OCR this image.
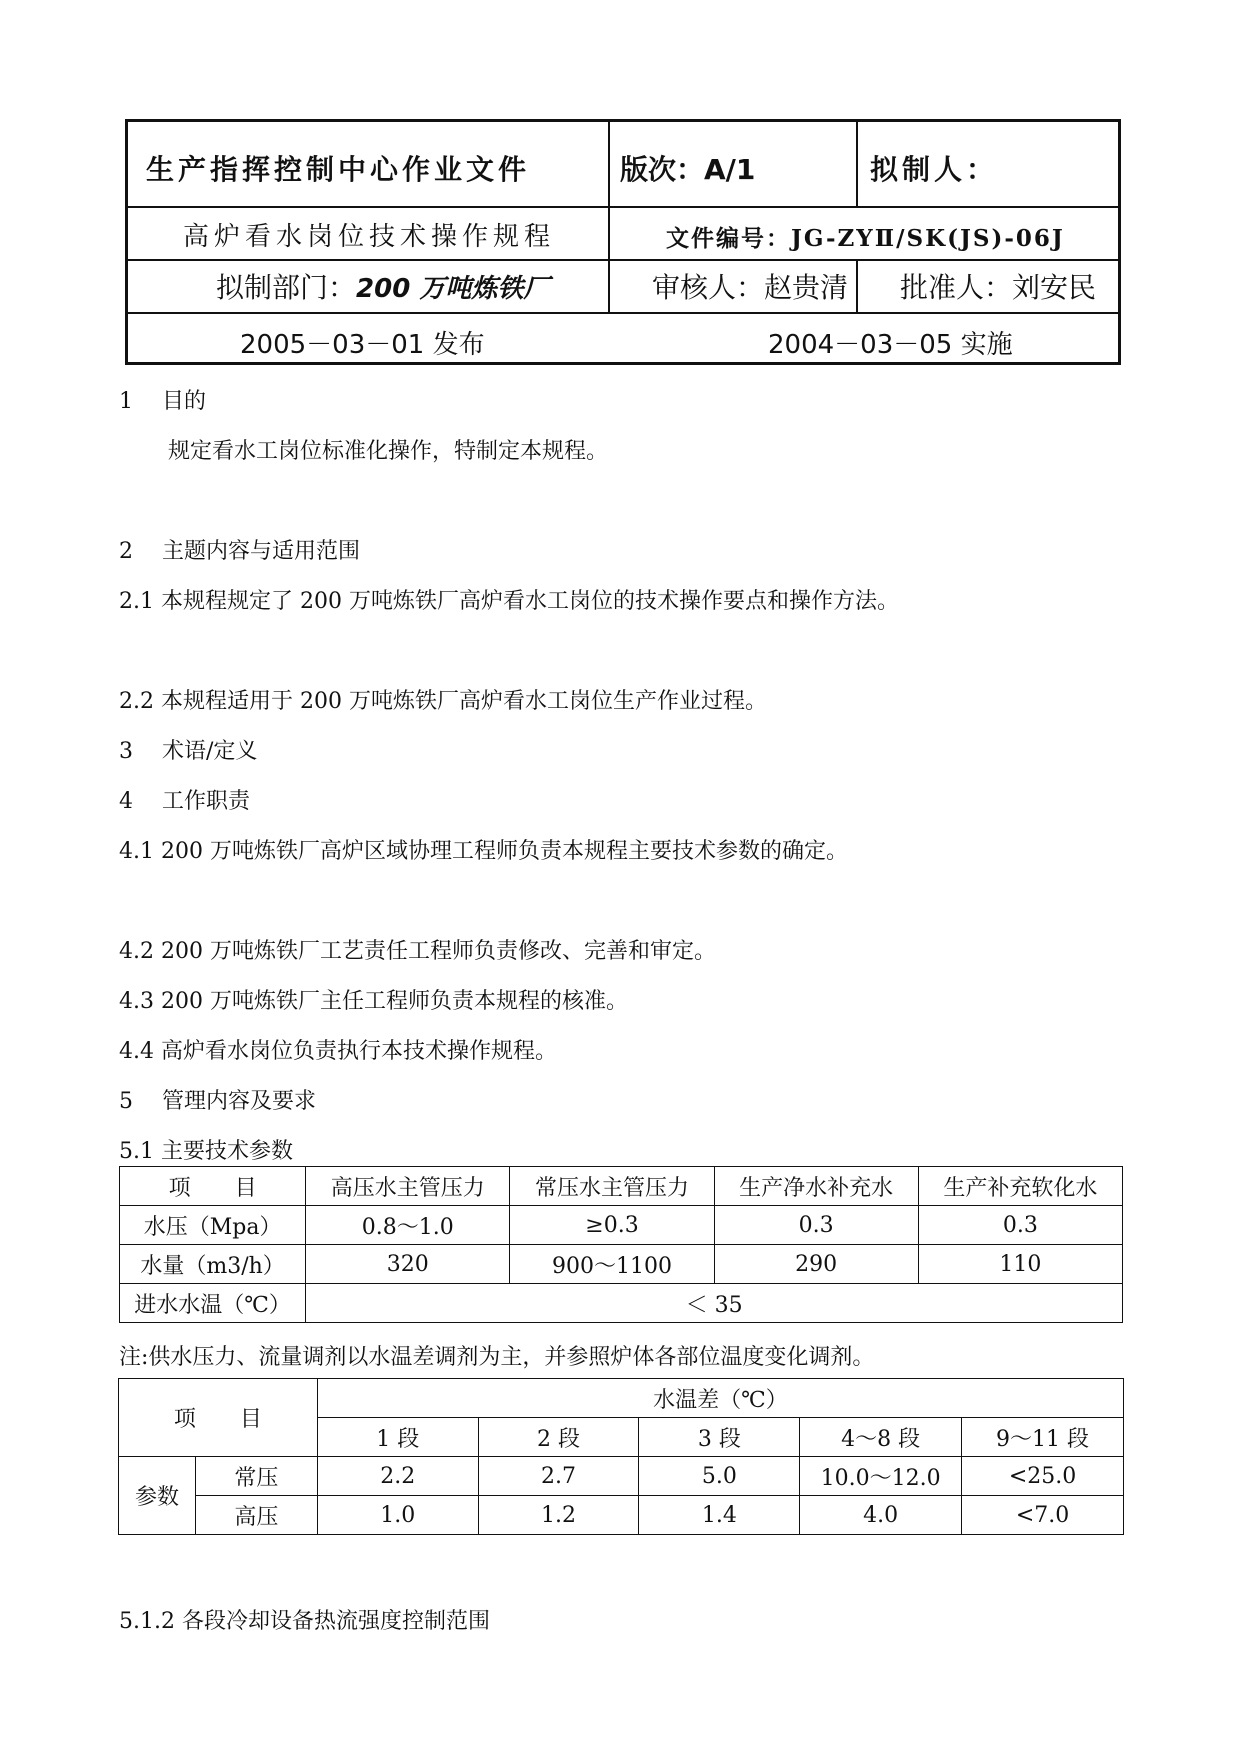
生产指挥控制中心作业文件	版次：A/1	拟制人：
高炉看水岗位技术操作规程	文件编号：JG-ZYⅡ/SK(JS)-06J
拟制部门：200 万吨炼铁厂	审核人：赵贵清 批准人：刘安民
2005－03－01 发布	2004－03－05 实施
1　 目的
规定看水工岗位标准化操作，特制定本规程。
2　 主题内容与适用范围
2.1 本规程规定了 200 万吨炼铁厂高炉看水工岗位的技术操作要点和操作方法。
2.2 本规程适用于 200 万吨炼铁厂高炉看水工岗位生产作业过程。
3　 术语/定义
4　 工作职责
4.1 200 万吨炼铁厂高炉区域协理工程师负责本规程主要技术参数的确定。
4.2 200 万吨炼铁厂工艺责任工程师负责修改、完善和审定。
4.3 200 万吨炼铁厂主任工程师负责本规程的核准。
4.4 高炉看水岗位负责执行本技术操作规程。
5　 管理内容及要求
5.1 主要技术参数
项　　目	高压水主管压力	常压水主管压力	生产净水补充水	生产补充软化水
水压（Mpa）	0.8～1.0	≥0.3	0.3	0.3
水量（m3/h）	320	900～1100	290	110
进水水温（℃）	＜ 35			
注:供水压力、流量调剂以水温差调剂为主，并参照炉体各部位温度变化调剂。
项　　目		水温差（℃）				
		1 段	2 段	3 段	4～8 段	9～11 段
参数	常压	2.2	2.7	5.0	10.0～12.0	<25.0
	高压	1.0	1.2	1.4	4.0	<7.0
5.1.2 各段冷却设备热流强度控制范围
